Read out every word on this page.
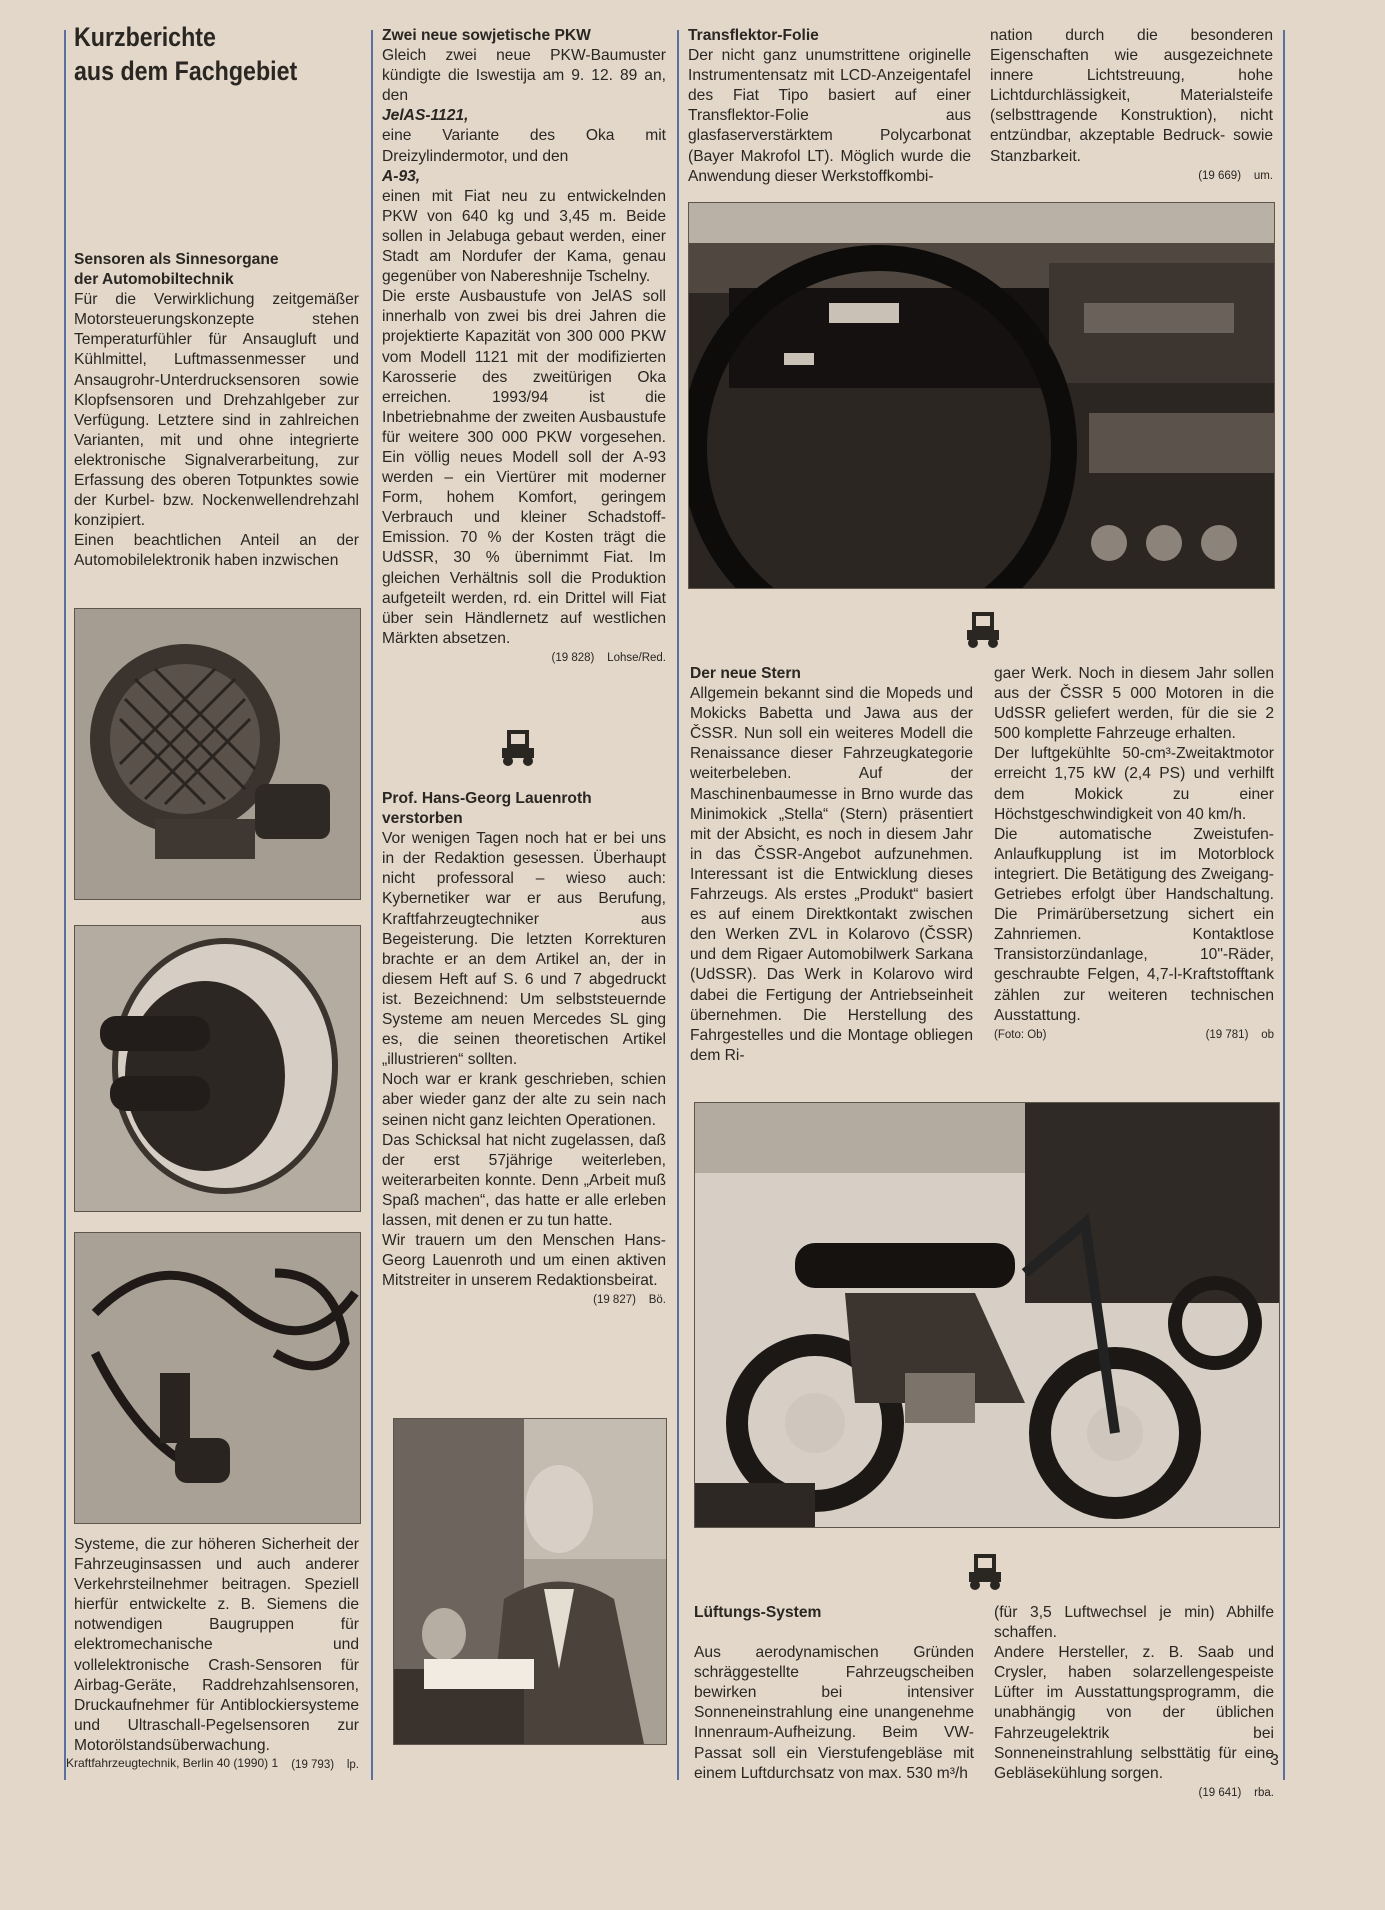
Kurzberichte
aus dem Fachgebiet
Sensoren als Sinnesorgane
der Automobiltechnik

Für die Verwirklichung zeitgemäßer Motorsteuerungskonzepte stehen Temperaturfühler für Ansaugluft und Kühlmittel, Luftmassenmesser und Ansaugrohr-Unterdrucksensoren sowie Klopfsensoren und Drehzahlgeber zur Verfügung. Letztere sind in zahlreichen Varianten, mit und ohne integrierte elektronische Signalverarbeitung, zur Erfassung des oberen Totpunktes sowie der Kurbel- bzw. Nockenwellendrehzahl konzipiert.

Einen beachtlichen Anteil an der Automobilelektronik haben inzwischen

Systeme, die zur höheren Sicherheit der Fahrzeuginsassen und auch anderer Verkehrsteilnehmer beitragen. Speziell hierfür entwickelte z. B. Siemens die notwendigen Baugruppen für elektromechanische und vollelektronische Crash-Sensoren für Airbag-Geräte, Raddrehzahlsensoren, Druckaufnehmer für Antiblockiersysteme und Ultraschall-Pegelsensoren zur Motorölstandsüberwachung.

(19 793) lp.
Zwei neue sowjetische PKW

Gleich zwei neue PKW-Baumuster kündigte die Iswestija am 9. 12. 89 an, den

JelAS-1121,

eine Variante des Oka mit Dreizylindermotor, und den

A-93,

einen mit Fiat neu zu entwickelnden PKW von 640 kg und 3,45 m. Beide sollen in Jelabuga gebaut werden, einer Stadt am Nordufer der Kama, genau gegenüber von Nabereshnije Tschelny.

Die erste Ausbaustufe von JelAS soll innerhalb von zwei bis drei Jahren die projektierte Kapazität von 300 000 PKW vom Modell 1121 mit der modifizierten Karosserie des zweitürigen Oka erreichen. 1993/94 ist die Inbetriebnahme der zweiten Ausbaustufe für weitere 300 000 PKW vorgesehen. Ein völlig neues Modell soll der A-93 werden – ein Viertürer mit moderner Form, hohem Komfort, geringem Verbrauch und kleiner Schadstoff-Emission. 70 % der Kosten trägt die UdSSR, 30 % übernimmt Fiat. Im gleichen Verhältnis soll die Produktion aufgeteilt werden, rd. ein Drittel will Fiat über sein Händlernetz auf westlichen Märkten absetzen.

(19 828) Lohse/Red.
Prof. Hans-Georg Lauenroth
verstorben

Vor wenigen Tagen noch hat er bei uns in der Redaktion gesessen. Überhaupt nicht professoral – wieso auch: Kybernetiker war er aus Berufung, Kraftfahrzeugtechniker aus Begeisterung. Die letzten Korrekturen brachte er an dem Artikel an, der in diesem Heft auf S. 6 und 7 abgedruckt ist. Bezeichnend: Um selbststeuernde Systeme am neuen Mercedes SL ging es, die seinen theoretischen Artikel „illustrieren“ sollten.

Noch war er krank geschrieben, schien aber wieder ganz der alte zu sein nach seinen nicht ganz leichten Operationen.

Das Schicksal hat nicht zugelassen, daß der erst 57jährige weiterleben, weiterarbeiten konnte. Denn „Arbeit muß Spaß machen“, das hatte er alle erleben lassen, mit denen er zu tun hatte.

Wir trauern um den Menschen Hans-Georg Lauenroth und um einen aktiven Mitstreiter in unserem Redaktionsbeirat.

(19 827) Bö.
Transflektor-Folie

Der nicht ganz unumstrittene originelle Instrumentensatz mit LCD-Anzeigentafel des Fiat Tipo basiert auf einer Transflektor-Folie aus glasfaserverstärktem Polycarbonat (Bayer Makrofol LT). Möglich wurde die Anwendung dieser Werkstoffkombi-

nation durch die besonderen Eigenschaften wie ausgezeichnete innere Lichtstreuung, hohe Lichtdurchlässigkeit, Materialsteife (selbsttragende Konstruktion), nicht entzündbar, akzeptable Bedruck- sowie Stanzbarkeit.

(19 669) um.
Der neue Stern

Allgemein bekannt sind die Mopeds und Mokicks Babetta und Jawa aus der ČSSR. Nun soll ein weiteres Modell die Renaissance dieser Fahrzeugkategorie weiterbeleben. Auf der Maschinenbaumesse in Brno wurde das Minimokick „Stella“ (Stern) präsentiert mit der Absicht, es noch in diesem Jahr in das ČSSR-Angebot aufzunehmen. Interessant ist die Entwicklung dieses Fahrzeugs. Als erstes „Produkt“ basiert es auf einem Direktkontakt zwischen den Werken ZVL in Kolarovo (ČSSR) und dem Rigaer Automobilwerk Sarkana (UdSSR). Das Werk in Kolarovo wird dabei die Fertigung der Antriebseinheit übernehmen. Die Herstellung des Fahrgestelles und die Montage obliegen dem Ri-

gaer Werk. Noch in diesem Jahr sollen aus der ČSSR 5 000 Motoren in die UdSSR geliefert werden, für die sie 2 500 komplette Fahrzeuge erhalten.

Der luftgekühlte 50-cm³-Zweitaktmotor erreicht 1,75 kW (2,4 PS) und verhilft dem Mokick zu einer Höchstgeschwindigkeit von 40 km/h.

Die automatische Zweistufen-Anlaufkupplung ist im Motorblock integriert. Die Betätigung des Zweigang-Getriebes erfolgt über Handschaltung. Die Primärübersetzung sichert ein Zahnriemen. Kontaktlose Transistorzündanlage, 10"-Räder, geschraubte Felgen, 4,7-l-Kraftstofftank zählen zur weiteren technischen Ausstattung.

(Foto: Ob)	(19 781) ob
Lüftungs-System

Aus aerodynamischen Gründen schräggestellte Fahrzeugscheiben bewirken bei intensiver Sonneneinstrahlung eine unangenehme Innenraum-Aufheizung. Beim VW-Passat soll ein Vierstufengebläse mit einem Luftdurchsatz von max. 530 m³/h

(für 3,5 Luftwechsel je min) Abhilfe schaffen.

Andere Hersteller, z. B. Saab und Crysler, haben solarzellengespeiste Lüfter im Ausstattungsprogramm, die unabhängig von der üblichen Fahrzeugelektrik bei Sonneneinstrahlung selbsttätig für eine Gebläsekühlung sorgen.

(19 641) rba.
Kraftfahrzeugtechnik, Berlin 40 (1990) 1	3
